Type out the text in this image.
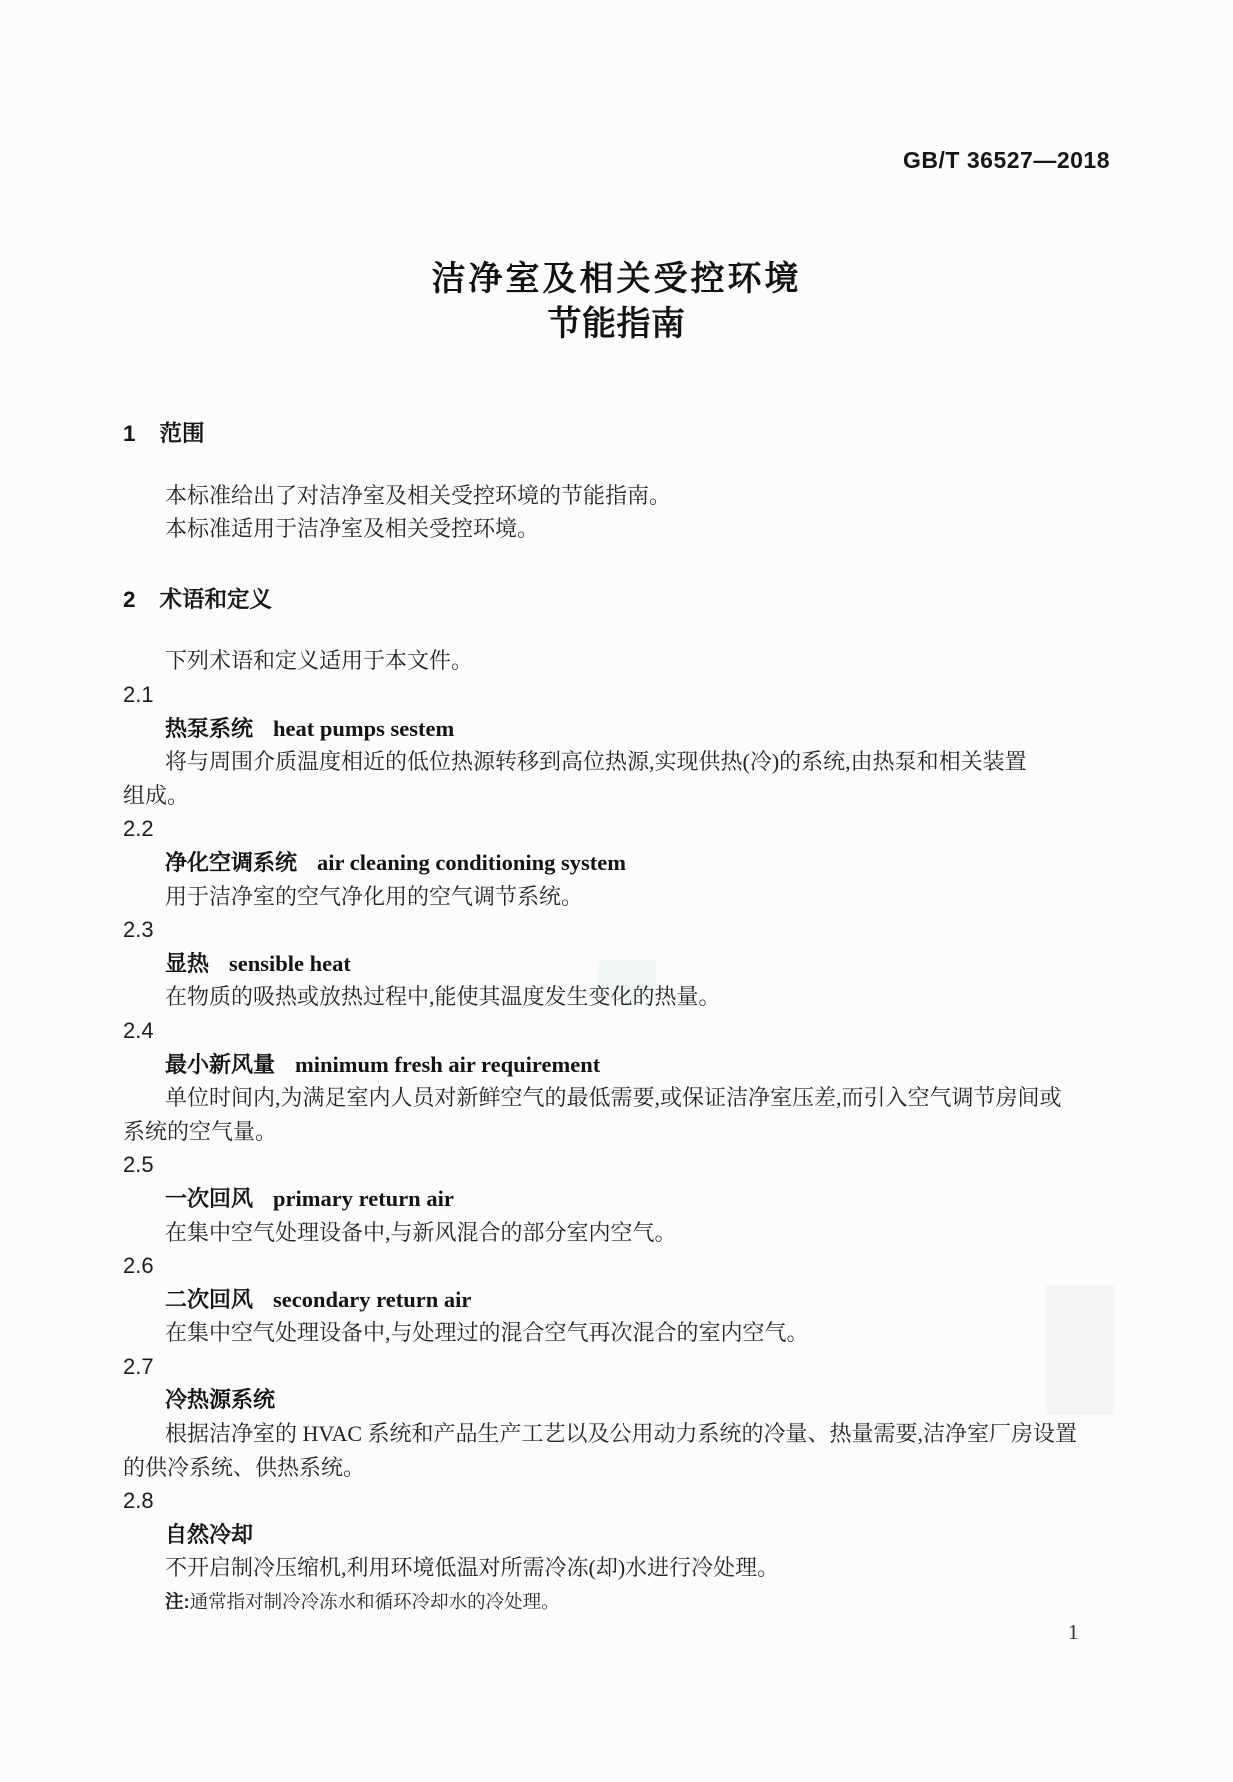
GB/T 36527—2018
洁净室及相关受控环境
节能指南
1 范围
本标准给出了对洁净室及相关受控环境的节能指南。
本标准适用于洁净室及相关受控环境。
2 术语和定义
下列术语和定义适用于本文件。
2.1
热泵系统 heat pumps sestem
将与周围介质温度相近的低位热源转移到高位热源,实现供热(冷)的系统,由热泵和相关装置
组成。
2.2
净化空调系统 air cleaning conditioning system
用于洁净室的空气净化用的空气调节系统。
2.3
显热 sensible heat
在物质的吸热或放热过程中,能使其温度发生变化的热量。
2.4
最小新风量 minimum fresh air requirement
单位时间内,为满足室内人员对新鲜空气的最低需要,或保证洁净室压差,而引入空气调节房间或
系统的空气量。
2.5
一次回风 primary return air
在集中空气处理设备中,与新风混合的部分室内空气。
2.6
二次回风 secondary return air
在集中空气处理设备中,与处理过的混合空气再次混合的室内空气。
2.7
冷热源系统
根据洁净室的 HVAC 系统和产品生产工艺以及公用动力系统的冷量、热量需要,洁净室厂房设置
的供冷系统、供热系统。
2.8
自然冷却
不开启制冷压缩机,利用环境低温对所需冷冻(却)水进行冷处理。
注:通常指对制冷冷冻水和循环冷却水的冷处理。
1
